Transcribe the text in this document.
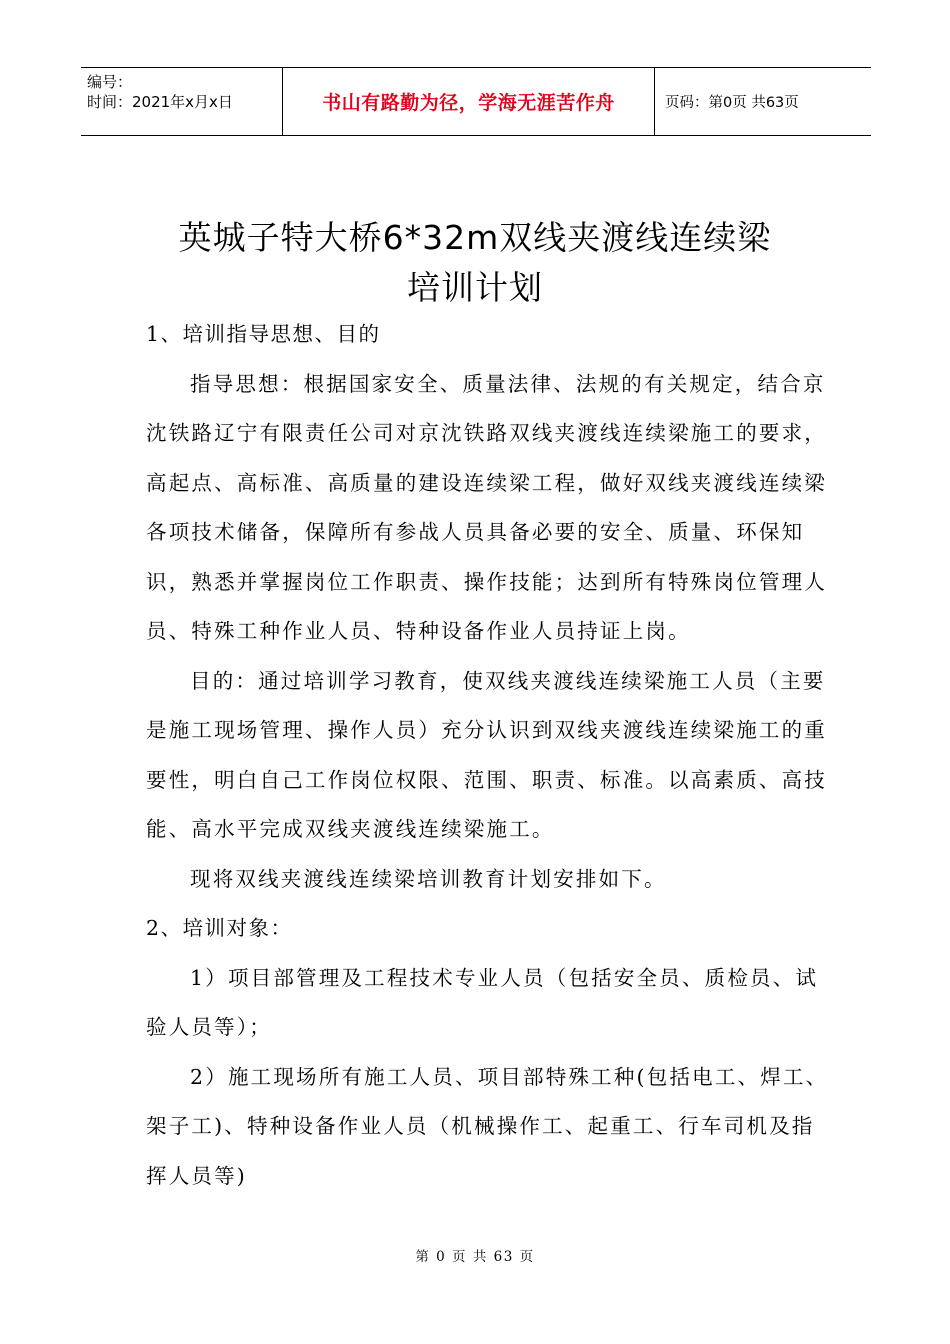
编号：
时间：2021年x月x日	书山有路勤为径，学海无涯苦作舟	页码：第0页 共63页
英城子特大桥6*32m双线夹渡线连续梁
培训计划

1、培训指导思想、目的

指导思想：根据国家安全、质量法律、法规的有关规定，结合京沈铁路辽宁有限责任公司对京沈铁路双线夹渡线连续梁施工的要求，高起点、高标准、高质量的建设连续梁工程，做好双线夹渡线连续梁各项技术储备，保障所有参战人员具备必要的安全、质量、环保知识，熟悉并掌握岗位工作职责、操作技能；达到所有特殊岗位管理人员、特殊工种作业人员、特种设备作业人员持证上岗。

目的：通过培训学习教育，使双线夹渡线连续梁施工人员（主要是施工现场管理、操作人员）充分认识到双线夹渡线连续梁施工的重要性，明白自己工作岗位权限、范围、职责、标准。以高素质、高技能、高水平完成双线夹渡线连续梁施工。

现将双线夹渡线连续梁培训教育计划安排如下。

2、培训对象：

1）项目部管理及工程技术专业人员（包括安全员、质检员、试验人员等）；

2）施工现场所有施工人员、项目部特殊工种(包括电工、焊工、架子工)、特种设备作业人员（机械操作工、起重工、行车司机及指挥人员等)

第 0 页 共 63 页
